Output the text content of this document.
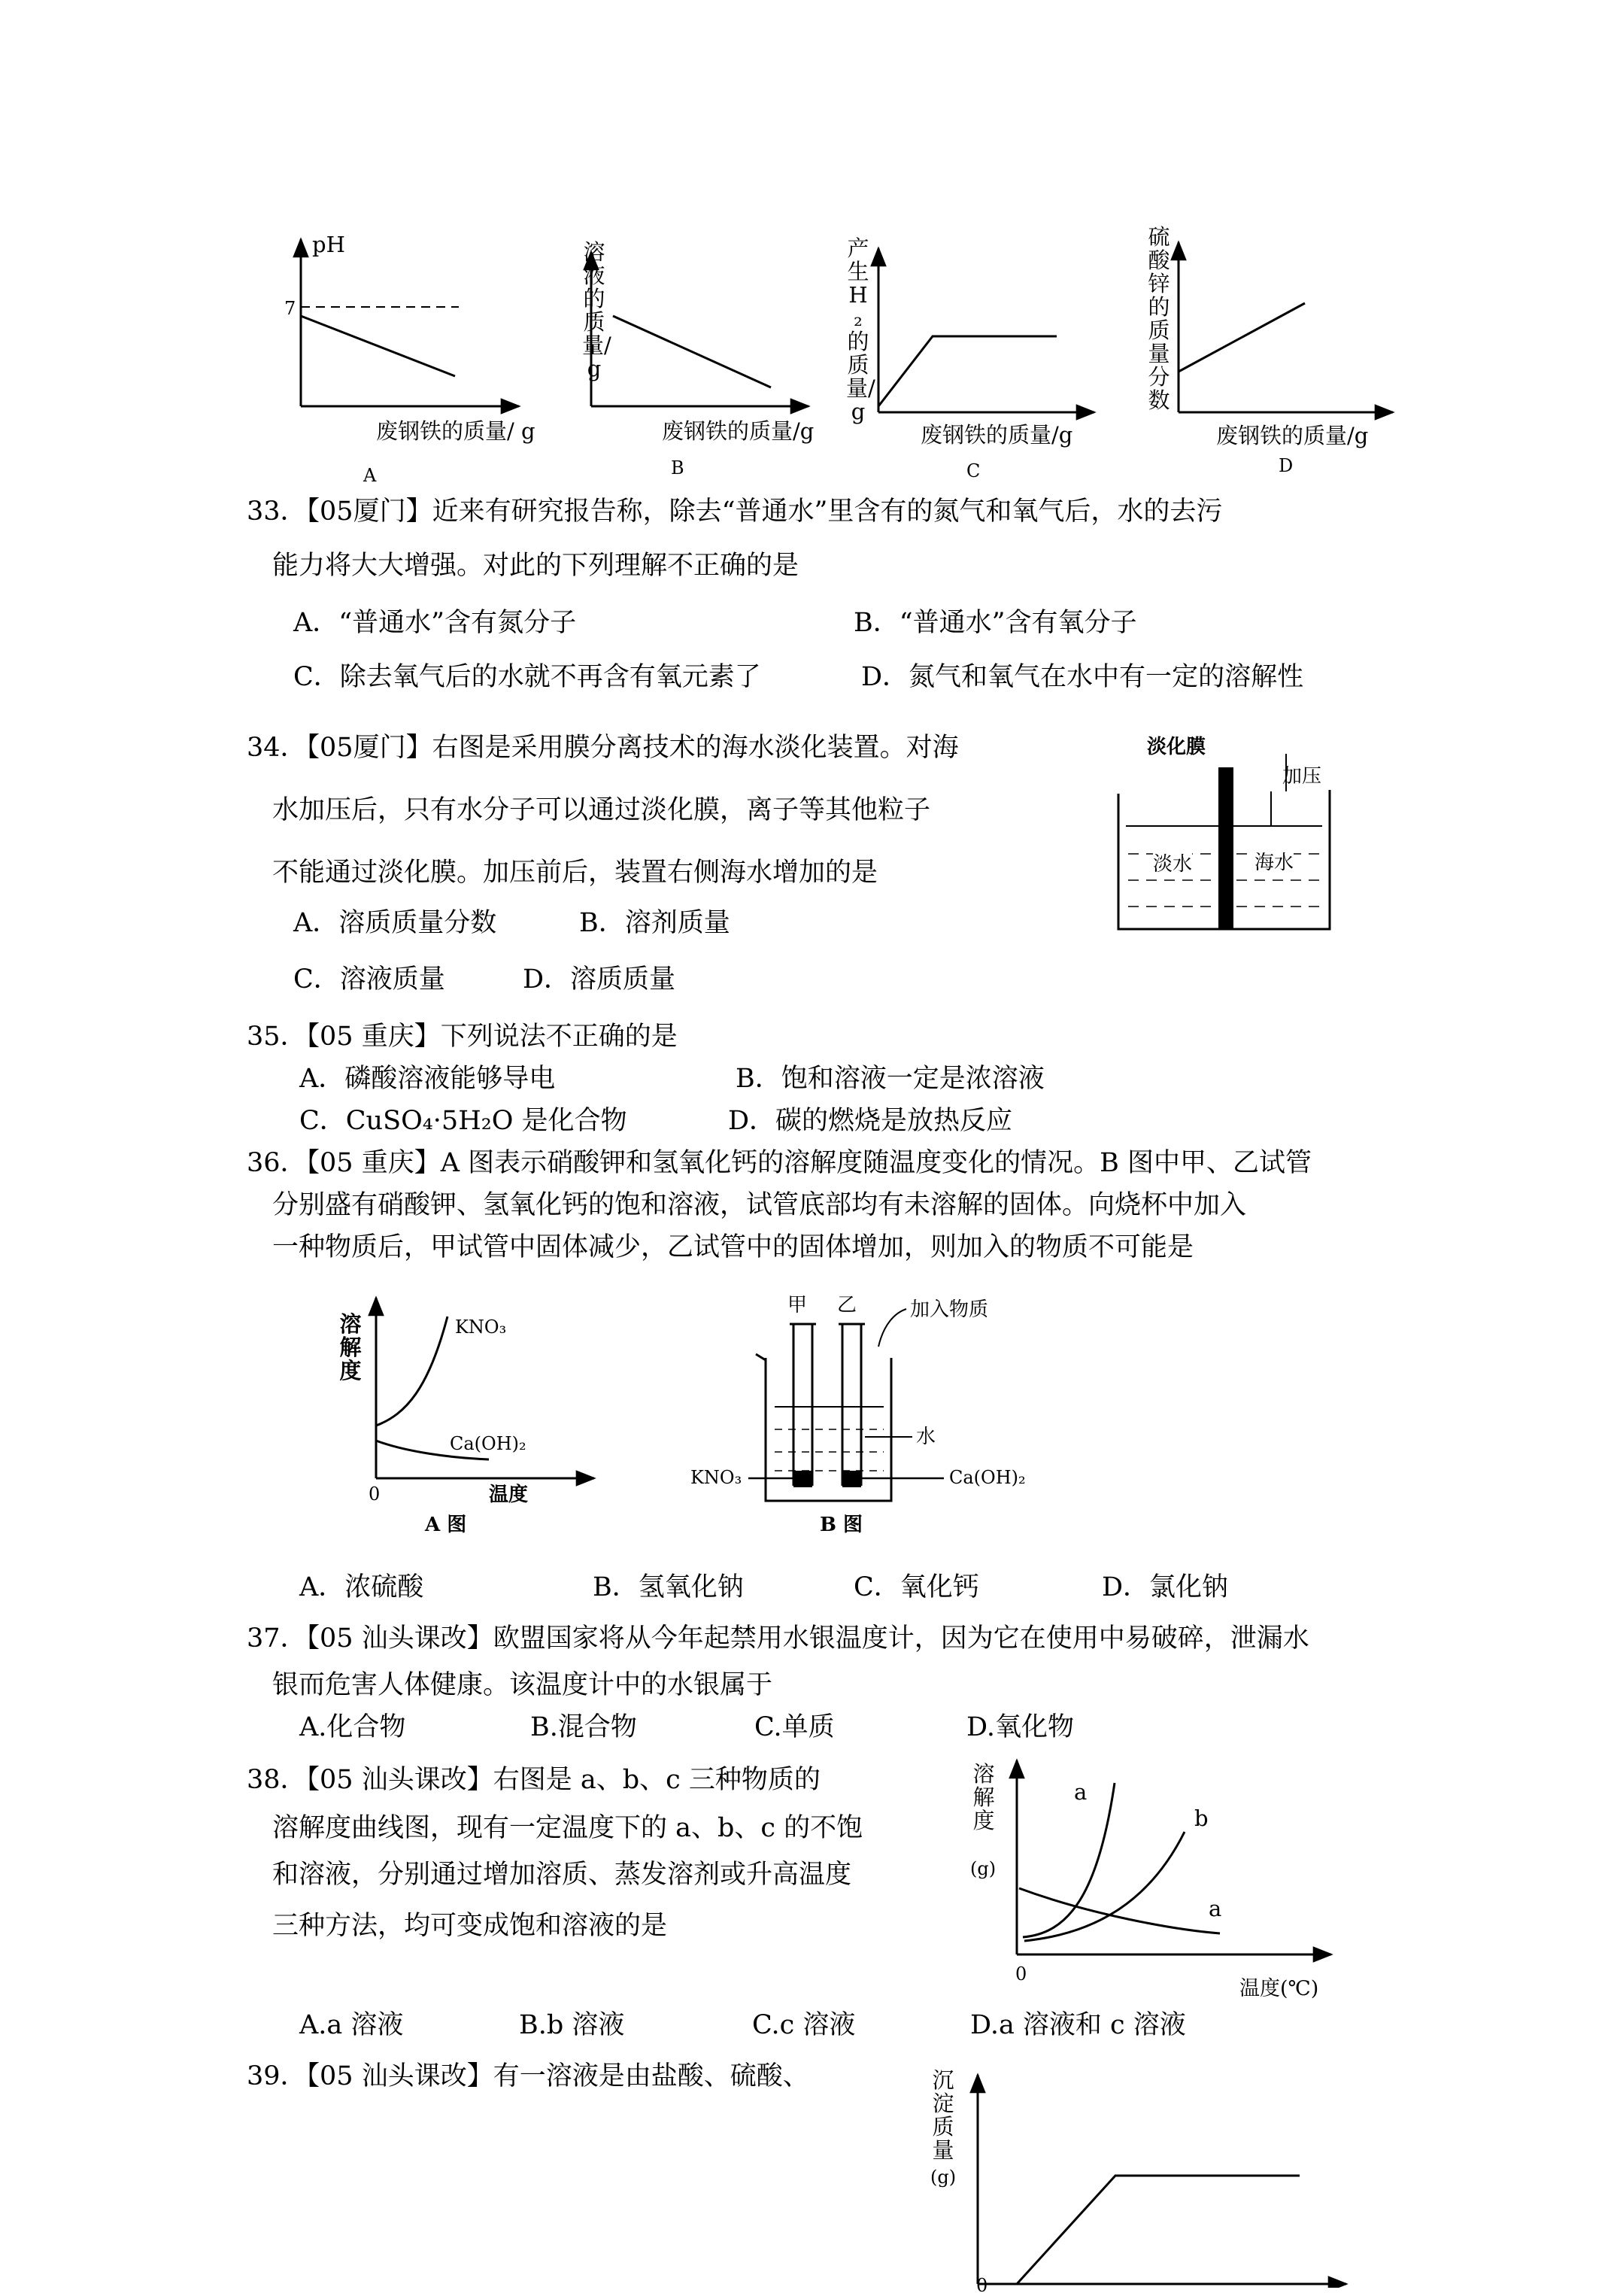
pH
7
废钢铁的质量/ g
A
溶液的质量/g
废钢铁的质量/g
B
产生H₂的质量/g
废钢铁的质量/g
C
硫酸锌的质量分数
废钢铁的质量/g
D
33．【05厦门】近来有研究报告称，除去“普通水”里含有的氮气和氧气后，水的去污
能力将大大增强。对此的下列理解不正确的是
A．“普通水”含有氮分子	B．“普通水”含有氧分子
C．除去氧气后的水就不再含有氧元素了	D．氮气和氧气在水中有一定的溶解性
34．【05厦门】右图是采用膜分离技术的海水淡化装置。对海
水加压后，只有水分子可以通过淡化膜，离子等其他粒子
不能通过淡化膜。加压前后，装置右侧海水增加的是
A．溶质质量分数	B．溶剂质量
C．溶液质量	D．溶质质量
淡化膜
加压
淡水	海水
35．【05 重庆】下列说法不正确的是
A．磷酸溶液能够导电	B．饱和溶液一定是浓溶液
C．CuSO₄·5H₂O 是化合物	D．碳的燃烧是放热反应
36．【05 重庆】A 图表示硝酸钾和氢氧化钙的溶解度随温度变化的情况。B 图中甲、乙试管
分别盛有硝酸钾、氢氧化钙的饱和溶液，试管底部均有未溶解的固体。向烧杯中加入
一种物质后，甲试管中固体减少，乙试管中的固体增加，则加入的物质不可能是
溶解度
KNO₃
Ca(OH)₂
0	温度
A 图
甲 乙	加入物质
水
KNO₃	Ca(OH)₂
B 图
A．浓硫酸	B．氢氧化钠	C．氧化钙	D．氯化钠
37．【05 汕头课改】欧盟国家将从今年起禁用水银温度计，因为它在使用中易破碎，泄漏水
银而危害人体健康。该温度计中的水银属于
A.化合物	B.混合物	C.单质	D.氧化物
38．【05 汕头课改】右图是 a、b、c 三种物质的
溶解度曲线图，现有一定温度下的 a、b、c 的不饱
和溶液，分别通过增加溶质、蒸发溶剂或升高温度
三种方法，均可变成饱和溶液的是
溶解度
(g)
a
b
a
0
温度(℃)
A.a 溶液	B.b 溶液	C.c 溶液	D.a 溶液和 c 溶液
39．【05 汕头课改】有一溶液是由盐酸、硫酸、	沉淀质量
(g)
0
